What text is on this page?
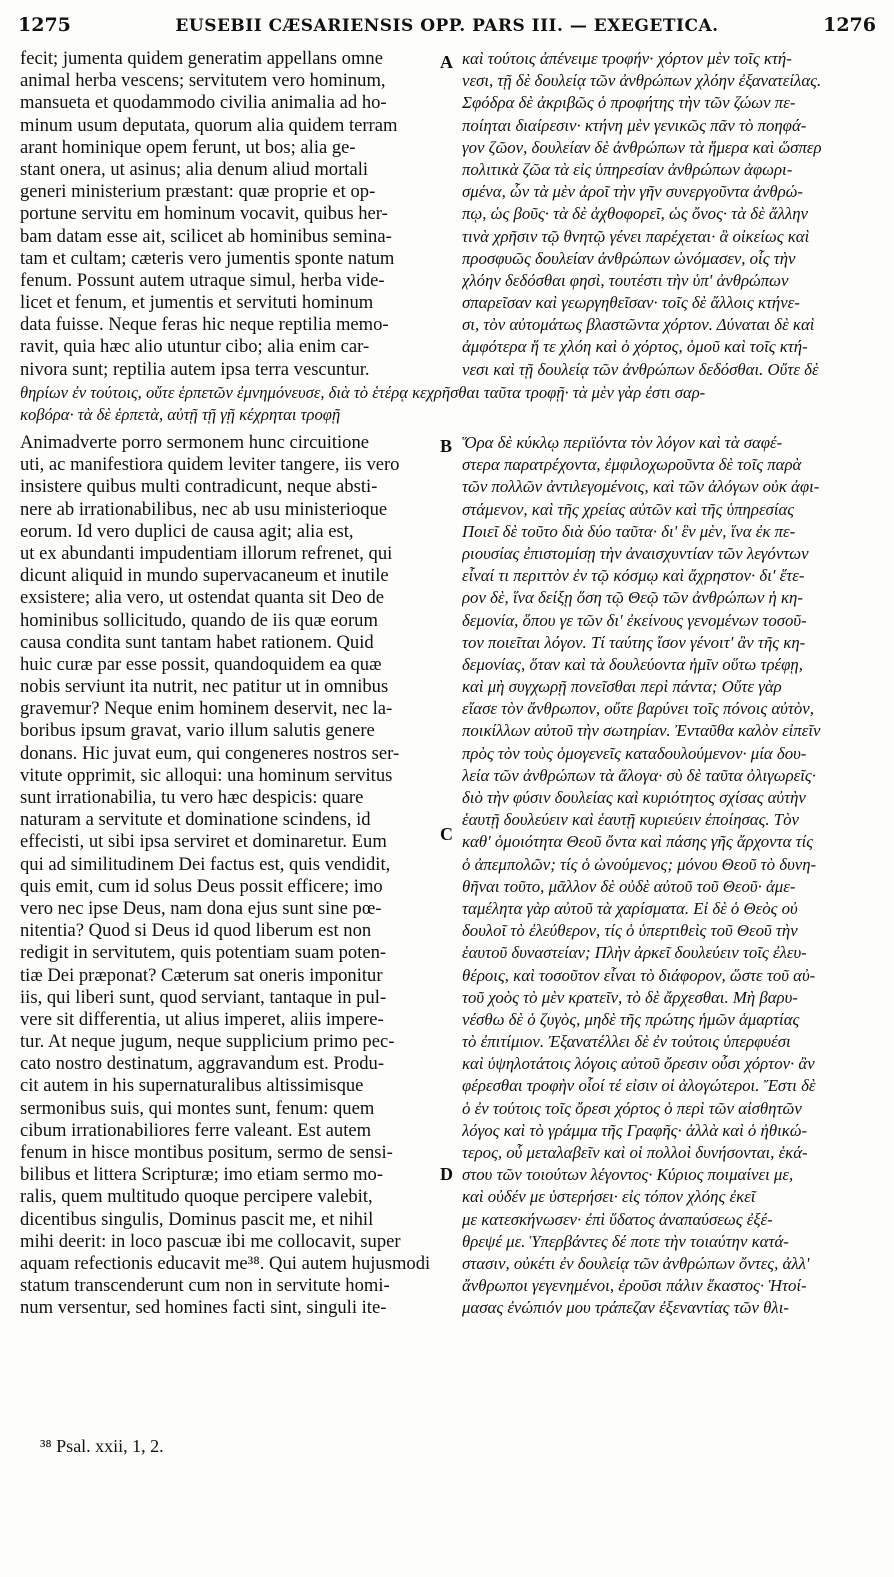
1275	EUSEBII CÆSARIENSIS OPP. PARS III. — EXEGETICA.	1276
fecit; jumenta quidem generatim appellans omne
animal herba vescens; servitutem vero hominum,
mansueta et quodammodo civilia animalia ad ho-
minum usum deputata, quorum alia quidem terram
arant hominique opem ferunt, ut bos; alia ge-
stant onera, ut asinus; alia denum aliud mortali
generi ministerium præstant: quæ proprie et op-
portune servitu em hominum vocavit, quibus her-
bam datam esse ait, scilicet ab hominibus semina-
tam et cultam; cæteris vero jumentis sponte natum
fenum. Possunt autem utraque simul, herba vide-
licet et fenum, et jumentis et servituti hominum
data fuisse. Neque feras hic neque reptilia memo-
ravit, quia hæc alio utuntur cibo; alia enim car-
nivora sunt; reptilia autem ipsa terra vescuntur.
καὶ τούτοις ἀπένειμε τροφήν· χόρτον μὲν τοῖς κτή-
νεσι, τῇ δὲ δουλείᾳ τῶν ἀνθρώπων χλόην ἐξανατείλας.
Σφόδρα δὲ ἀκριβῶς ὁ προφήτης τὴν τῶν ζώων πε-
ποίηται διαίρεσιν· κτήνη μὲν γενικῶς πᾶν τὸ ποηφά-
γον ζῶον, δουλείαν δὲ ἀνθρώπων τὰ ἥμερα καὶ ὥσπερ
πολιτικὰ ζῶα τὰ εἰς ὑπηρεσίαν ἀνθρώπων ἀφωρι-
σμένα, ὧν τὰ μὲν ἀροῖ τὴν γῆν συνεργοῦντα ἀνθρώ-
πῳ, ὡς βοῦς· τὰ δὲ ἀχθοφορεῖ, ὡς ὄνος· τὰ δὲ ἄλλην
τινὰ χρῆσιν τῷ θνητῷ γένει παρέχεται· ἃ οἰκείως καὶ
προσφυῶς δουλείαν ἀνθρώπων ὠνόμασεν, οἷς τὴν
χλόην δεδόσθαι φησὶ, τουτέστι τὴν ὑπ' ἀνθρώπων
σπαρεῖσαν καὶ γεωργηθεῖσαν· τοῖς δὲ ἄλλοις κτήνε-
σι, τὸν αὐτομάτως βλαστῶντα χόρτον. Δύναται δὲ καὶ
ἀμφότερα ἥ τε χλόη καὶ ὁ χόρτος, ὁμοῦ καὶ τοῖς κτή-
νεσι καὶ τῇ δουλείᾳ τῶν ἀνθρώπων δεδόσθαι. Οὔτε δὲ
θηρίων ἐν τούτοις, οὔτε ἑρπετῶν ἐμνημόνευσε, διὰ τὸ ἑτέρᾳ κεχρῆσθαι ταῦτα τροφῇ· τὰ μὲν γὰρ ἐστι σαρ-
κοβόρα· τὰ δὲ ἑρπετὰ, αὐτῇ τῇ γῇ κέχρηται τροφῇ
Animadverte porro sermonem hunc circuitione
uti, ac manifestiora quidem leviter tangere, iis vero
insistere quibus multi contradicunt, neque absti-
nere ab irrationabilibus, nec ab usu ministerioque
eorum. Id vero duplici de causa agit; alia est,
ut ex abundanti impudentiam illorum refrenet, qui
dicunt aliquid in mundo supervacaneum et inutile
exsistere; alia vero, ut ostendat quanta sit Deo de
hominibus sollicitudo, quando de iis quæ eorum
causa condita sunt tantam habet rationem. Quid
huic curæ par esse possit, quandoquidem ea quæ
nobis serviunt ita nutrit, nec patitur ut in omnibus
gravemur? Neque enim hominem deservit, nec la-
boribus ipsum gravat, vario illum salutis genere
donans. Hic juvat eum, qui congeneres nostros ser-
vitute opprimit, sic alloqui: una hominum servitus
sunt irrationabilia, tu vero hæc despicis: quare
naturam a servitute et dominatione scindens, id
effecisti, ut sibi ipsa serviret et dominaretur. Eum
qui ad similitudinem Dei factus est, quis vendidit,
quis emit, cum id solus Deus possit efficere; imo
vero nec ipse Deus, nam dona ejus sunt sine pœ-
nitentia? Quod si Deus id quod liberum est non
redigit in servitutem, quis potentiam suam poten-
tiæ Dei præponat? Cæterum sat oneris imponitur
iis, qui liberi sunt, quod serviant, tantaque in pul-
vere sit differentia, ut alius imperet, aliis impere-
tur. At neque jugum, neque supplicium primo pec-
cato nostro destinatum, aggravandum est. Produ-
cit autem in his supernaturalibus altissimisque
sermonibus suis, qui montes sunt, fenum: quem
cibum irrationabiliores ferre valeant. Est autem
fenum in hisce montibus positum, sermo de sensi-
bilibus et littera Scripturæ; imo etiam sermo mo-
ralis, quem multitudo quoque percipere valebit,
dicentibus singulis, Dominus pascit me, et nihil
mihi deerit: in loco pascuæ ibi me collocavit, super
aquam refectionis educavit me³⁸. Qui autem hujusmodi
statum transcenderunt cum non in servitute homi-
num versentur, sed homines facti sint, singuli ite-
Ὅρα δὲ κύκλῳ περιϊόντα τὸν λόγον καὶ τὰ σαφέ-
στερα παρατρέχοντα, ἐμφιλοχωροῦντα δὲ τοῖς παρὰ
τῶν πολλῶν ἀντιλεγομένοις, καὶ τῶν ἀλόγων οὐκ ἀφι-
στάμενον, καὶ τῆς χρείας αὐτῶν καὶ τῆς ὑπηρεσίας
Ποιεῖ δὲ τοῦτο διὰ δύο ταῦτα· δι' ἓν μὲν, ἵνα ἐκ πε-
ριουσίας ἐπιστομίσῃ τὴν ἀναισχυντίαν τῶν λεγόντων
εἶναί τι περιττὸν ἐν τῷ κόσμῳ καὶ ἄχρηστον· δι' ἕτε-
ρον δὲ, ἵνα δείξῃ ὅση τῷ Θεῷ τῶν ἀνθρώπων ἡ κη-
δεμονία, ὅπου γε τῶν δι' ἐκείνους γενομένων τοσοῦ-
τον ποιεῖται λόγον. Τί ταύτης ἴσον γένοιτ' ἂν τῆς κη-
δεμονίας, ὅταν καὶ τὰ δουλεύοντα ἡμῖν οὕτω τρέφῃ,
καὶ μὴ συγχωρῇ πονεῖσθαι περὶ πάντα; Οὔτε γὰρ
εἴασε τὸν ἄνθρωπον, οὔτε βαρύνει τοῖς πόνοις αὐτὸν,
ποικίλλων αὐτοῦ τὴν σωτηρίαν. Ἐνταῦθα καλὸν εἰπεῖν
πρὸς τὸν τοὺς ὁμογενεῖς καταδουλούμενον· μία δου-
λεία τῶν ἀνθρώπων τὰ ἄλογα· σὺ δὲ ταῦτα ὀλιγωρεῖς·
διὸ τὴν φύσιν δουλείας καὶ κυριότητος σχίσας αὐτὴν
ἑαυτῇ δουλεύειν καὶ ἑαυτῇ κυριεύειν ἐποίησας. Τὸν
καθ' ὁμοιότητα Θεοῦ ὄντα καὶ πάσης γῆς ἄρχοντα τίς
ὁ ἀπεμπολῶν; τίς ὁ ὠνούμενος; μόνου Θεοῦ τὸ δυνη-
θῆναι τοῦτο, μᾶλλον δὲ οὐδὲ αὐτοῦ τοῦ Θεοῦ· ἀμε-
ταμέλητα γὰρ αὐτοῦ τὰ χαρίσματα. Εἰ δὲ ὁ Θεὸς οὐ
δουλοῖ τὸ ἐλεύθερον, τίς ὁ ὑπερτιθεὶς τοῦ Θεοῦ τὴν
ἑαυτοῦ δυναστείαν; Πλὴν ἀρκεῖ δουλεύειν τοῖς ἐλευ-
θέροις, καὶ τοσοῦτον εἶναι τὸ διάφορον, ὥστε τοῦ αὐ-
τοῦ χοὸς τὸ μὲν κρατεῖν, τὸ δὲ ἄρχεσθαι. Μὴ βαρυ-
νέσθω δὲ ὁ ζυγὸς, μηδὲ τῆς πρώτης ἡμῶν ἁμαρτίας
τὸ ἐπιτίμιον. Ἐξανατέλλει δὲ ἐν τούτοις ὑπερφυέσι
καὶ ὑψηλοτάτοις λόγοις αὐτοῦ ὄρεσιν οὖσι χόρτον· ἂν
φέρεσθαι τροφὴν οἷοί τέ εἰσιν οἱ ἀλογώτεροι. Ἔστι δὲ
ὁ ἐν τούτοις τοῖς ὄρεσι χόρτος ὁ περὶ τῶν αἰσθητῶν
λόγος καὶ τὸ γράμμα τῆς Γραφῆς· ἀλλὰ καὶ ὁ ἠθικώ-
τερος, οὗ μεταλαβεῖν καὶ οἱ πολλοὶ δυνήσονται, ἑκά-
στου τῶν τοιούτων λέγοντος· Κύριος ποιμαίνει με,
καὶ οὐδέν με ὑστερήσει· εἰς τόπον χλόης ἐκεῖ
με κατεσκήνωσεν· ἐπὶ ὕδατος ἀναπαύσεως ἐξέ-
θρεψέ με. Ὑπερβάντες δέ ποτε τὴν τοιαύτην κατά-
στασιν, οὐκέτι ἐν δουλείᾳ τῶν ἀνθρώπων ὄντες, ἀλλ'
ἄνθρωποι γεγενημένοι, ἐροῦσι πάλιν ἕκαστος· Ἡτοί-
μασας ἐνώπιόν μου τράπεζαν ἐξεναντίας τῶν θλι-
A
B
C
D
³⁸ Psal. xxii, 1, 2.
